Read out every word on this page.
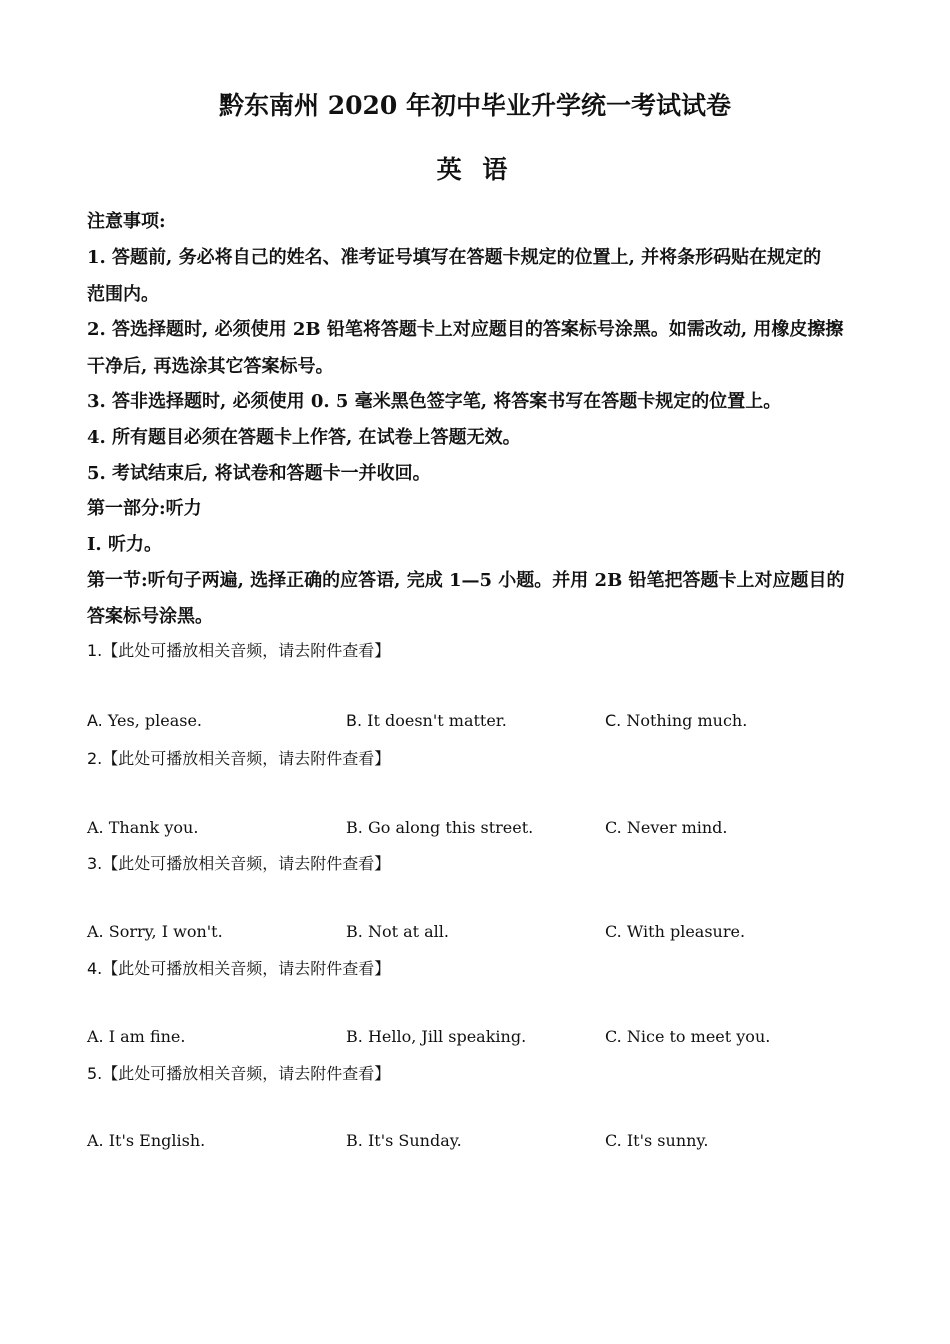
黔东南州 2020 年初中毕业升学统一考试试卷
英 语
注意事项:
1. 答题前, 务必将自己的姓名、准考证号填写在答题卡规定的位置上, 并将条形码贴在规定的
范围内。
2. 答选择题时, 必须使用 2B 铅笔将答题卡上对应题目的答案标号涂黑。如需改动, 用橡皮擦擦
干净后, 再选涂其它答案标号。
3. 答非选择题时, 必须使用 0. 5 毫米黑色签字笔, 将答案书写在答题卡规定的位置上。
4. 所有题目必须在答题卡上作答, 在试卷上答题无效。
5. 考试结束后, 将试卷和答题卡一并收回。
第一部分:听力
I. 听力。
第一节:听句子两遍, 选择正确的应答语, 完成 1—5 小题。并用 2B 铅笔把答题卡上对应题目的
答案标号涂黑。
1.【此处可播放相关音频，请去附件查看】
A. Yes, please.	B. It doesn't matter.	C. Nothing much.
2.【此处可播放相关音频，请去附件查看】
A. Thank you.	B. Go along this street.	C. Never mind.
3.【此处可播放相关音频，请去附件查看】
A. Sorry, I won't.	B. Not at all.	C. With pleasure.
4.【此处可播放相关音频，请去附件查看】
A. I am fine.	B. Hello, Jill speaking.	C. Nice to meet you.
5.【此处可播放相关音频，请去附件查看】
A. It's English.	B. It's Sunday.	C. It's sunny.
